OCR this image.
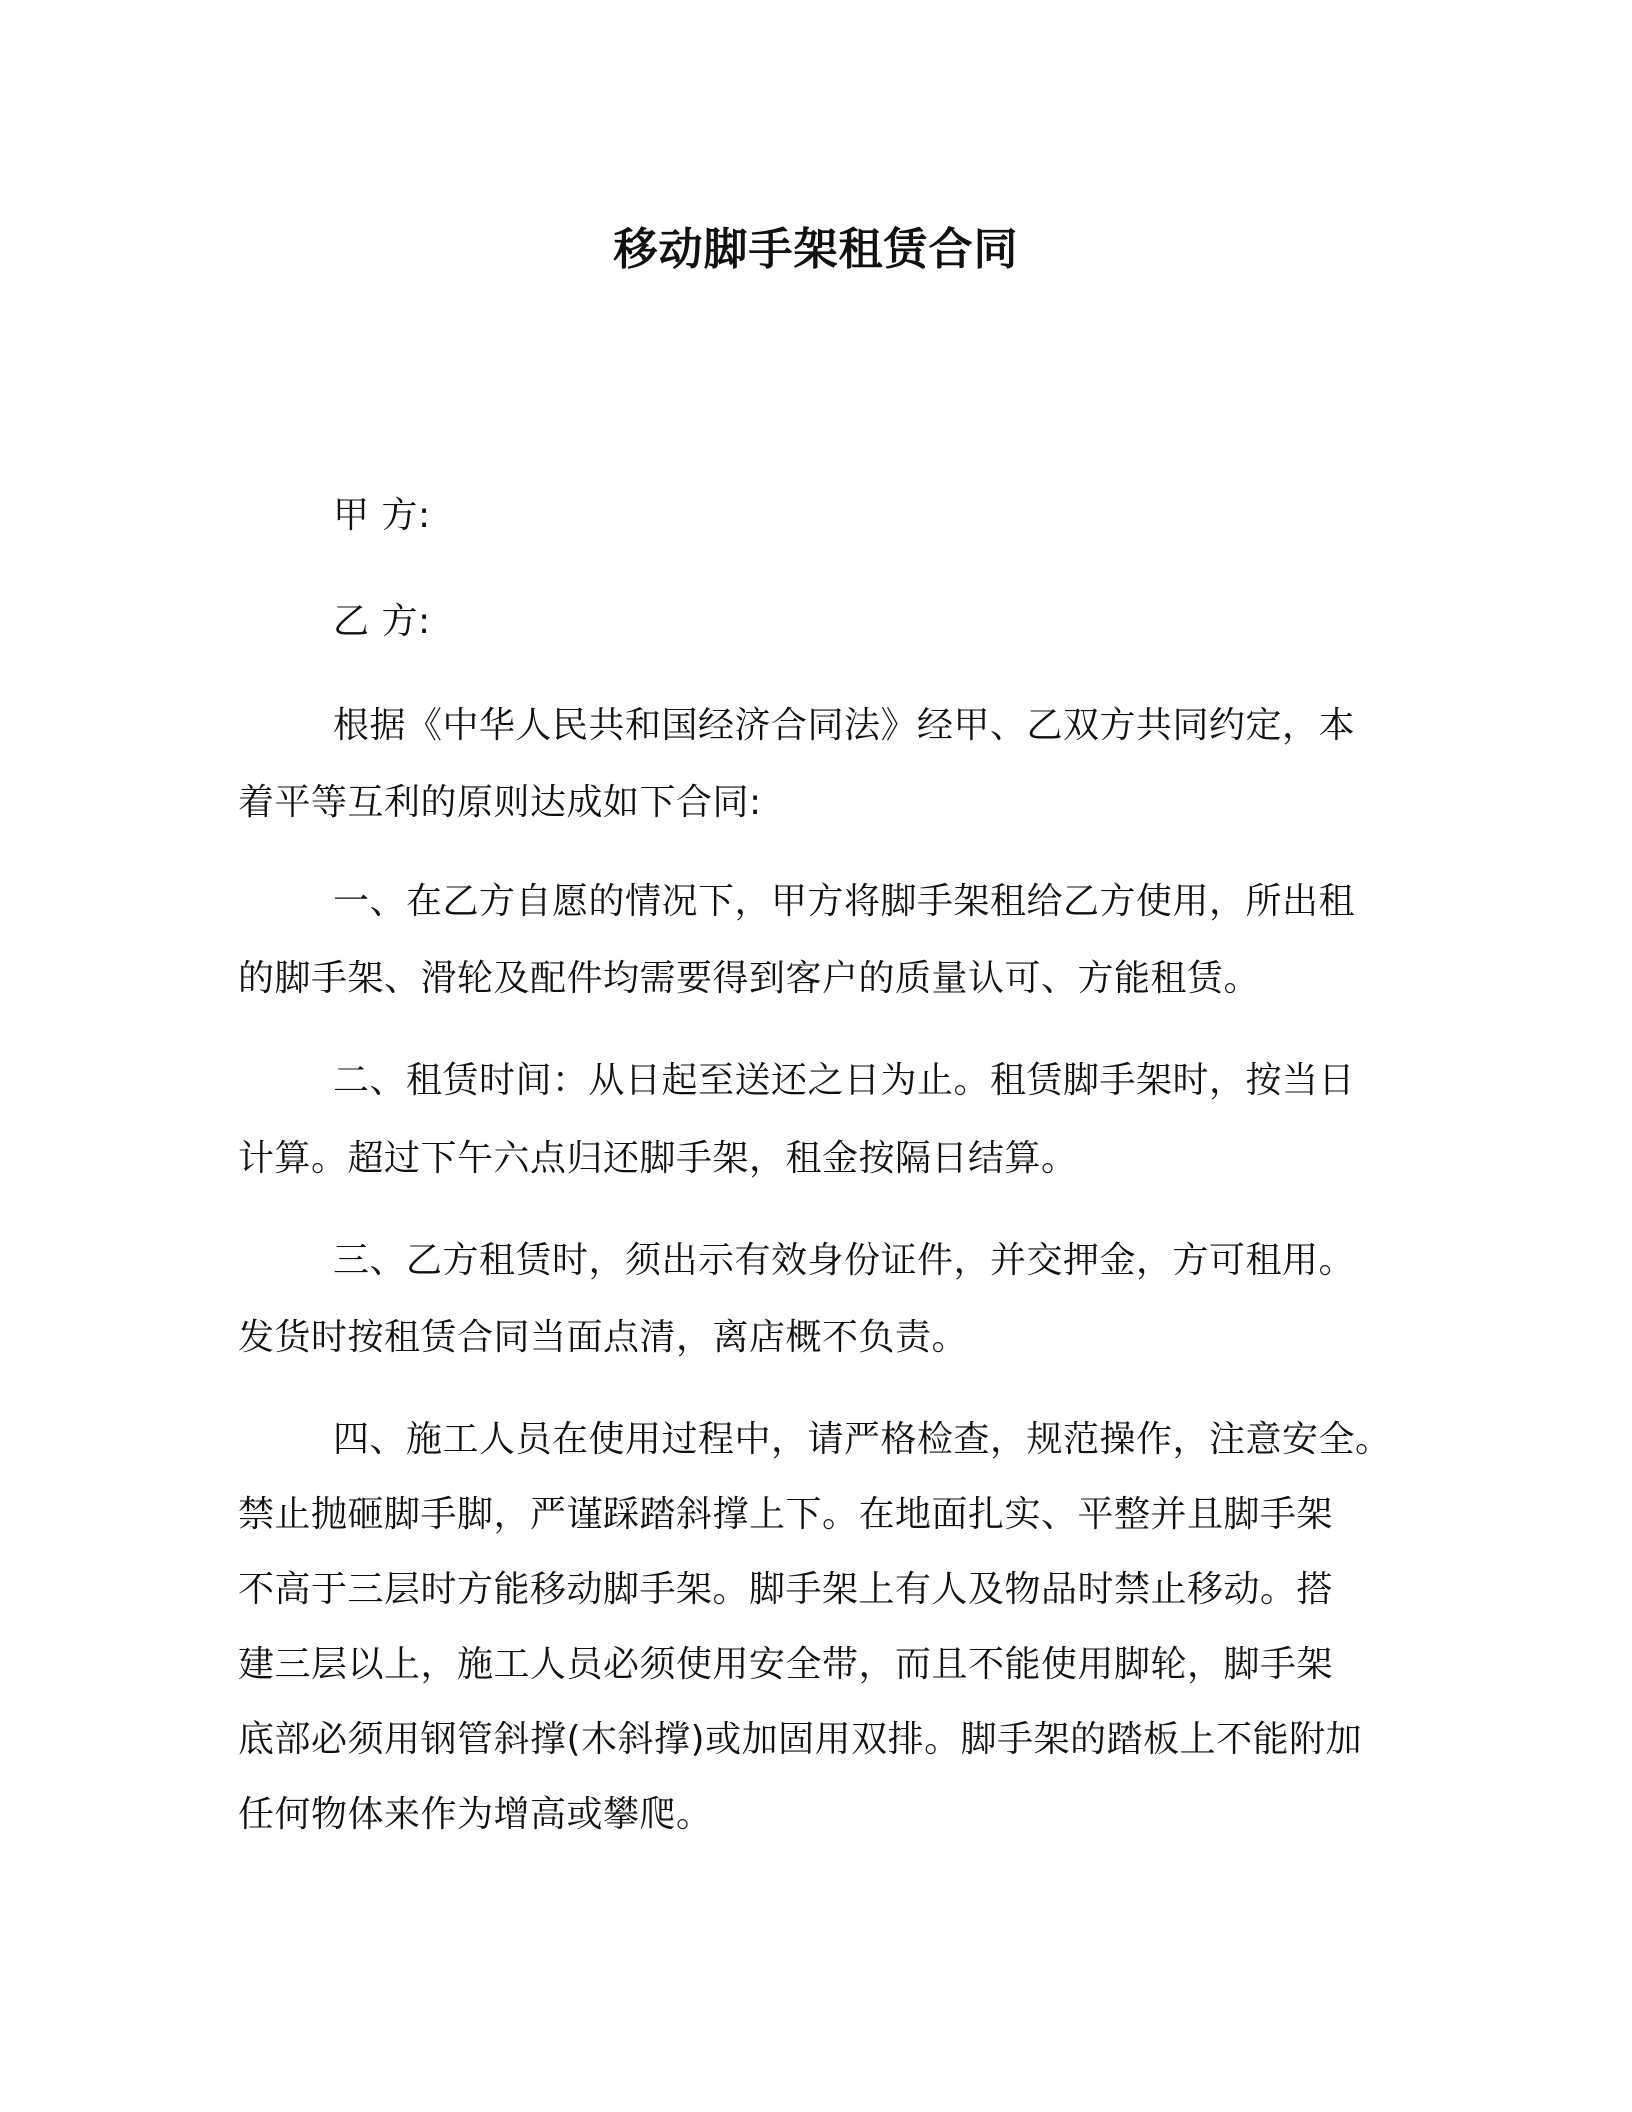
移动脚手架租赁合同
甲 方:
乙 方:
根据《中华人民共和国经济合同法》经甲、乙双方共同约定，本
着平等互利的原则达成如下合同:
一、在乙方自愿的情况下，甲方将脚手架租给乙方使用，所出租
的脚手架、滑轮及配件均需要得到客户的质量认可、方能租赁。
二、租赁时间：从日起至送还之日为止。租赁脚手架时，按当日
计算。超过下午六点归还脚手架，租金按隔日结算。
三、乙方租赁时，须出示有效身份证件，并交押金，方可租用。
发货时按租赁合同当面点清，离店概不负责。
四、施工人员在使用过程中，请严格检查，规范操作，注意安全。
禁止抛砸脚手脚，严谨踩踏斜撑上下。在地面扎实、平整并且脚手架
不高于三层时方能移动脚手架。脚手架上有人及物品时禁止移动。搭
建三层以上，施工人员必须使用安全带，而且不能使用脚轮，脚手架
底部必须用钢管斜撑(木斜撑)或加固用双排。脚手架的踏板上不能附加
任何物体来作为增高或攀爬。
